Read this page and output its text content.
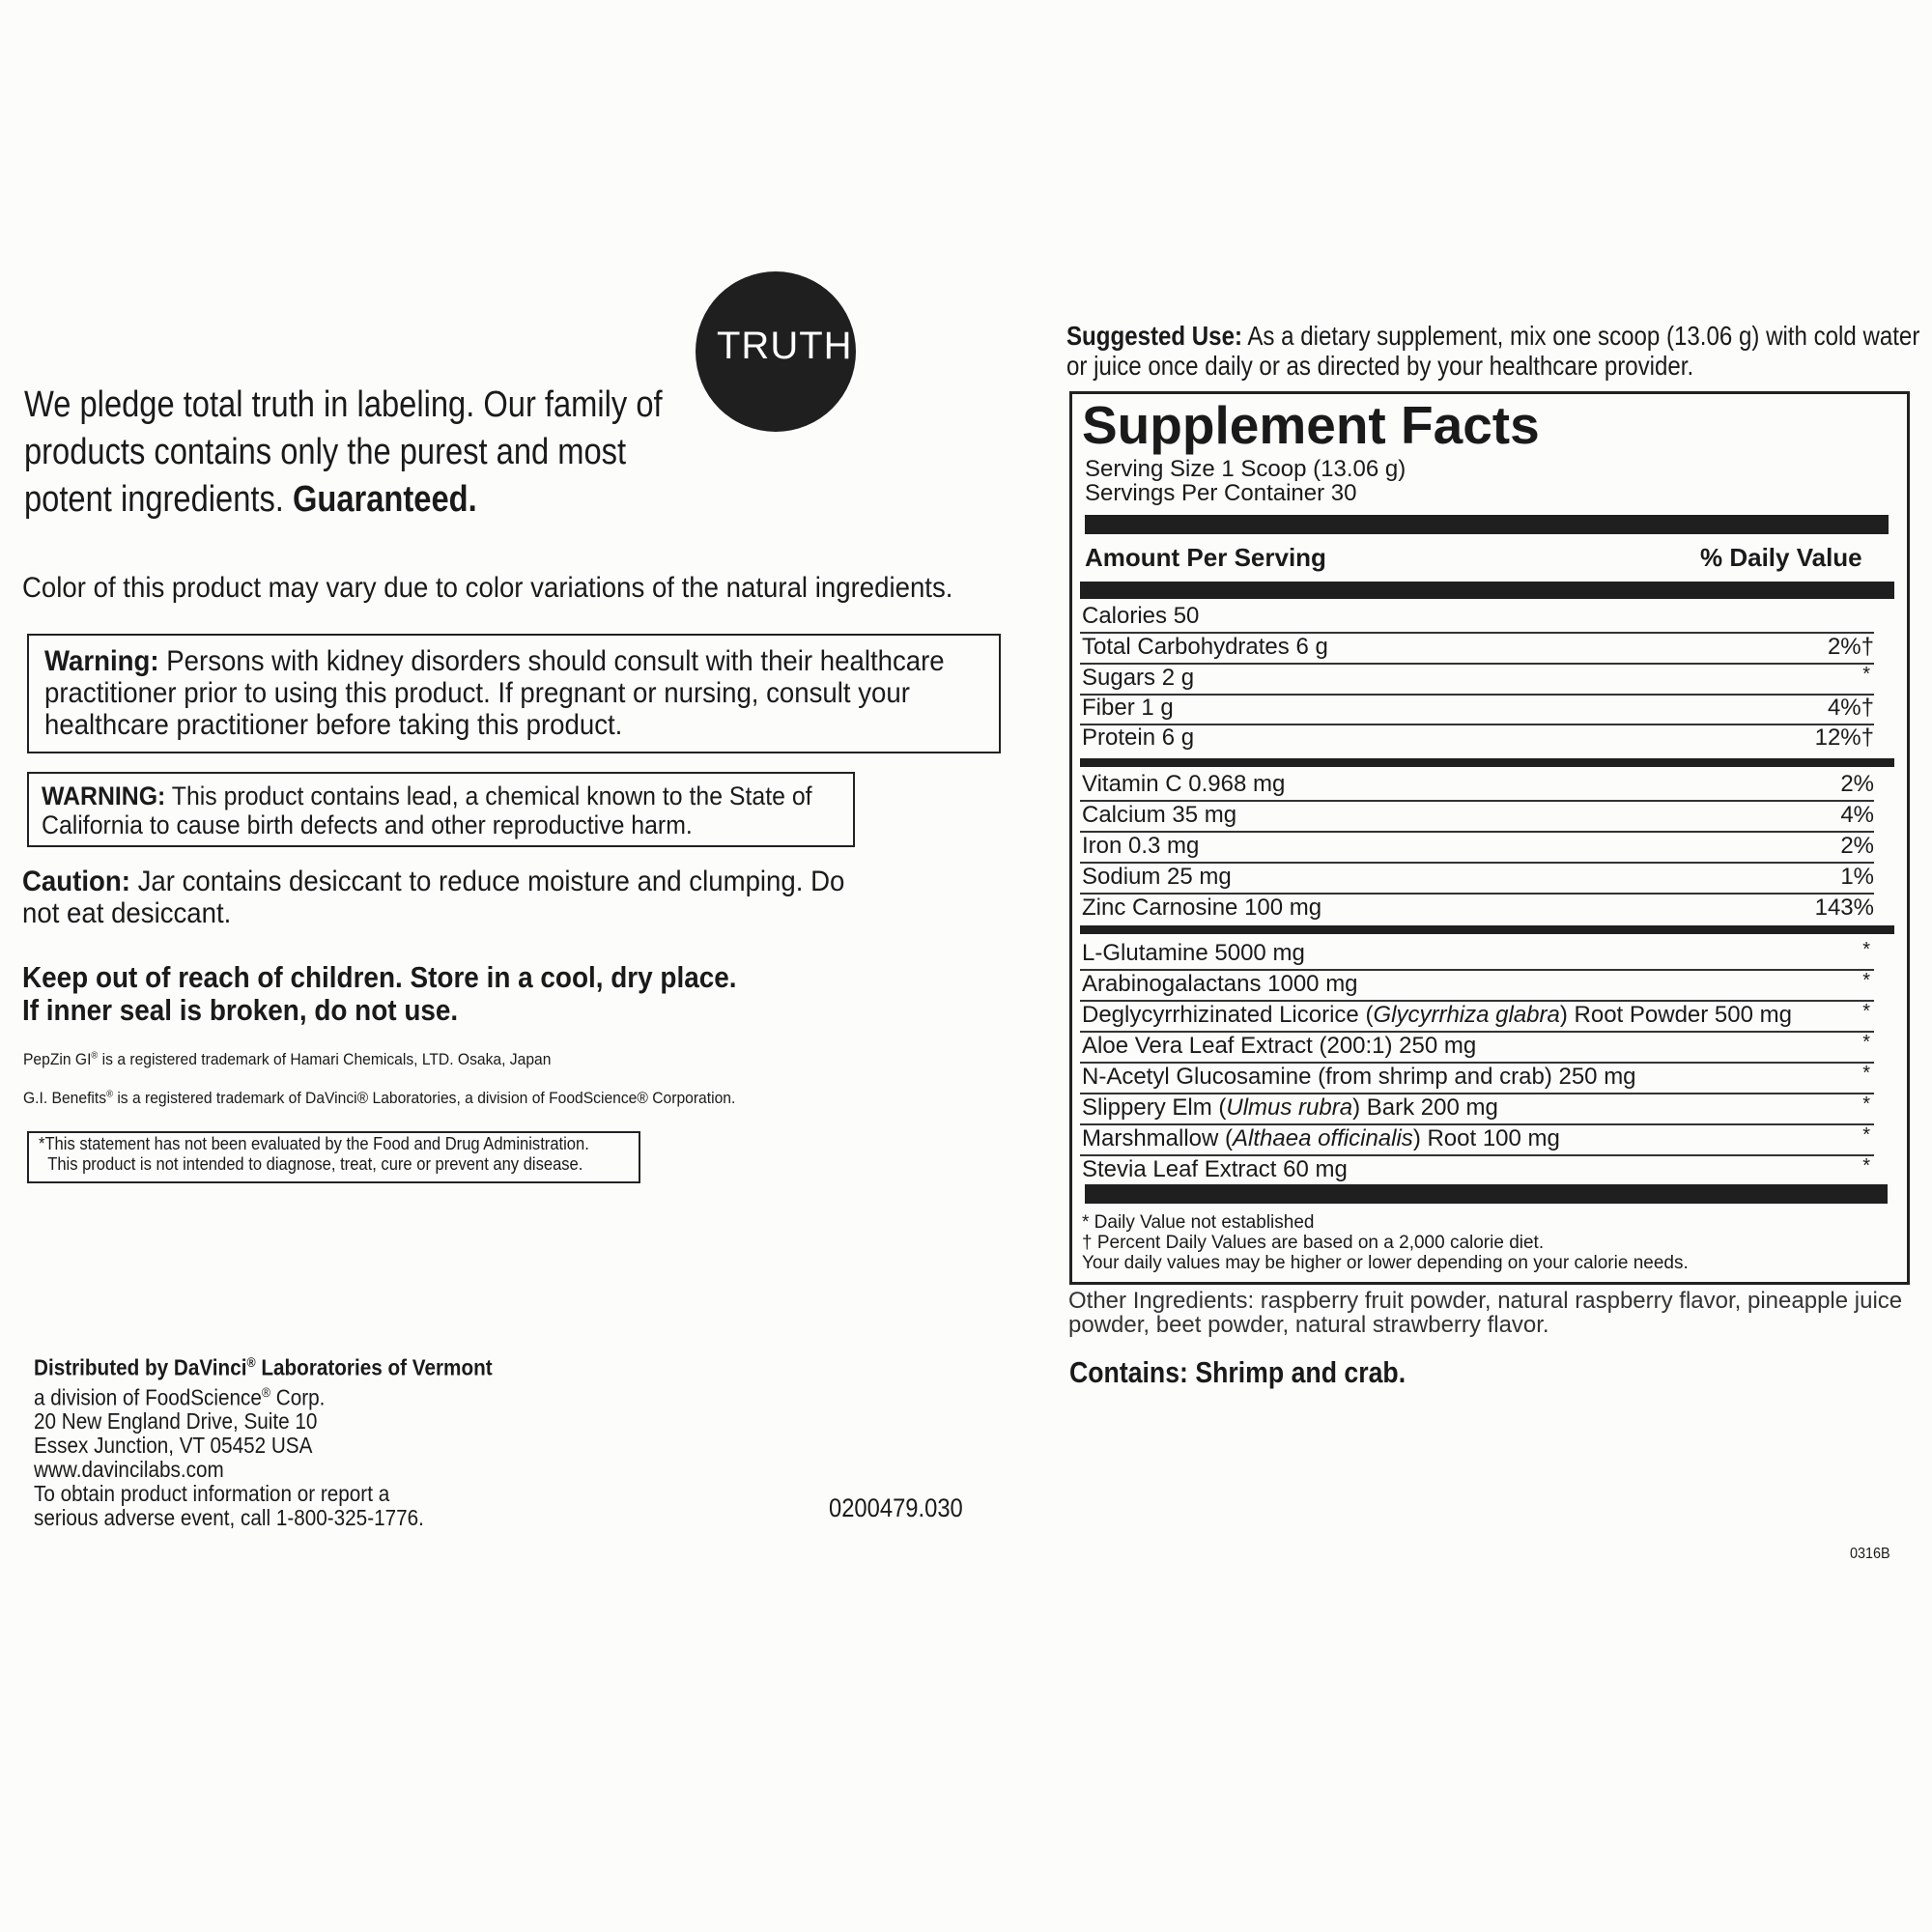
TRUTH
We pledge total truth in labeling. Our family of products contains only the purest and most potent ingredients. Guaranteed.
Color of this product may vary due to color variations of the natural ingredients.
Warning: Persons with kidney disorders should consult with their healthcare practitioner prior to using this product. If pregnant or nursing, consult your healthcare practitioner before taking this product.
WARNING: This product contains lead, a chemical known to the State of California to cause birth defects and other reproductive harm.
Caution: Jar contains desiccant to reduce moisture and clumping. Do not eat desiccant.
Keep out of reach of children. Store in a cool, dry place.
If inner seal is broken, do not use.
PepZin GI® is a registered trademark of Hamari Chemicals, LTD. Osaka, Japan
G.I. Benefits® is a registered trademark of DaVinci® Laboratories, a division of FoodScience® Corporation.
*This statement has not been evaluated by the Food and Drug Administration.
This product is not intended to diagnose, treat, cure or prevent any disease.
Distributed by DaVinci® Laboratories of Vermont
a division of FoodScience® Corp.
20 New England Drive, Suite 10
Essex Junction, VT 05452 USA
www.davincilabs.com
To obtain product information or report a
serious adverse event, call 1-800-325-1776.	0200479.030
0316B
Suggested Use: As a dietary supplement, mix one scoop (13.06 g) with cold water or juice once daily or as directed by your healthcare provider.
Supplement Facts
Serving Size 1 Scoop (13.06 g)
Servings Per Container 30
Amount Per Serving	% Daily Value
Calories 50
Total Carbohydrates 6 g	2%†
Sugars 2 g	*
Fiber 1 g	4%†
Protein 6 g	12%†
Vitamin C 0.968 mg	2%
Calcium 35 mg	4%
Iron 0.3 mg	2%
Sodium 25 mg	1%
Zinc Carnosine 100 mg	143%
L-Glutamine 5000 mg	*
Arabinogalactans 1000 mg	*
Deglycyrrhizinated Licorice (Glycyrrhiza glabra) Root Powder 500 mg	*
Aloe Vera Leaf Extract (200:1) 250 mg	*
N-Acetyl Glucosamine (from shrimp and crab) 250 mg	*
Slippery Elm (Ulmus rubra) Bark 200 mg	*
Marshmallow (Althaea officinalis) Root 100 mg	*
Stevia Leaf Extract 60 mg	*
* Daily Value not established
† Percent Daily Values are based on a 2,000 calorie diet.
Your daily values may be higher or lower depending on your calorie needs.
Other Ingredients: raspberry fruit powder, natural raspberry flavor, pineapple juice powder, beet powder, natural strawberry flavor.
Contains: Shrimp and crab.
